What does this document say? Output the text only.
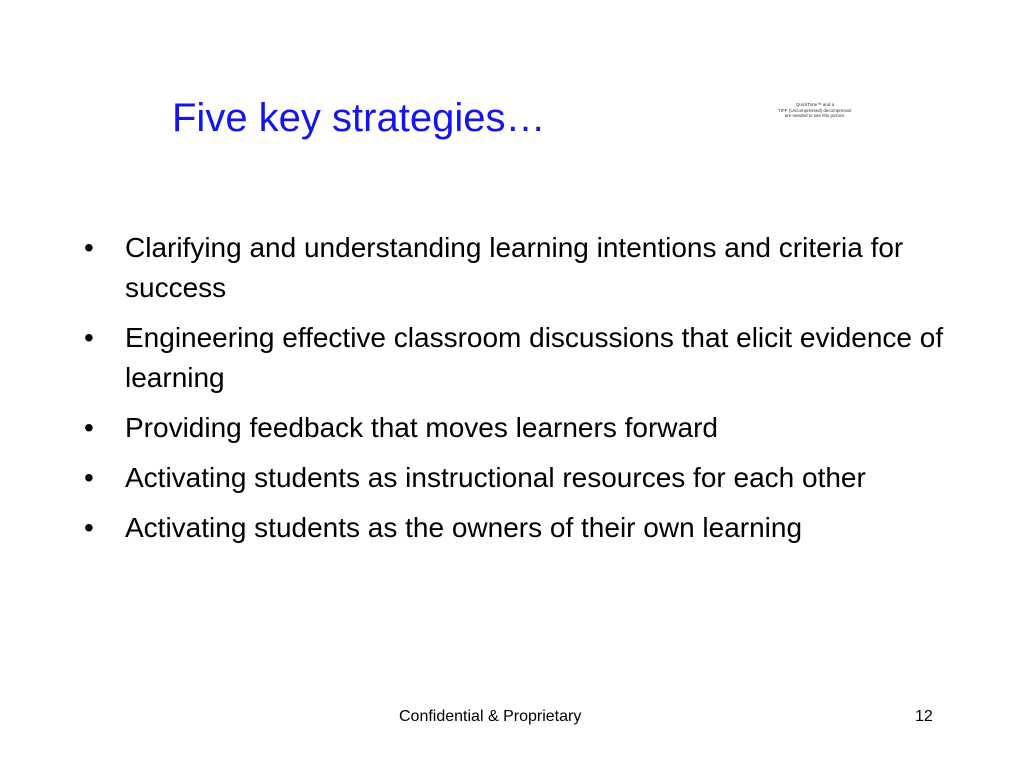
Five key strategies…	QuickTime™ and a
TIFF (Uncompressed) decompressor
are needed to see this picture.
•	Clarifying and understanding learning intentions and criteria for success
•	Engineering effective classroom discussions that elicit evidence of learning
•	Providing feedback that moves learners forward
•	Activating students as instructional resources for each other
•	Activating students as the owners of their own learning
Confidential & Proprietary	12
